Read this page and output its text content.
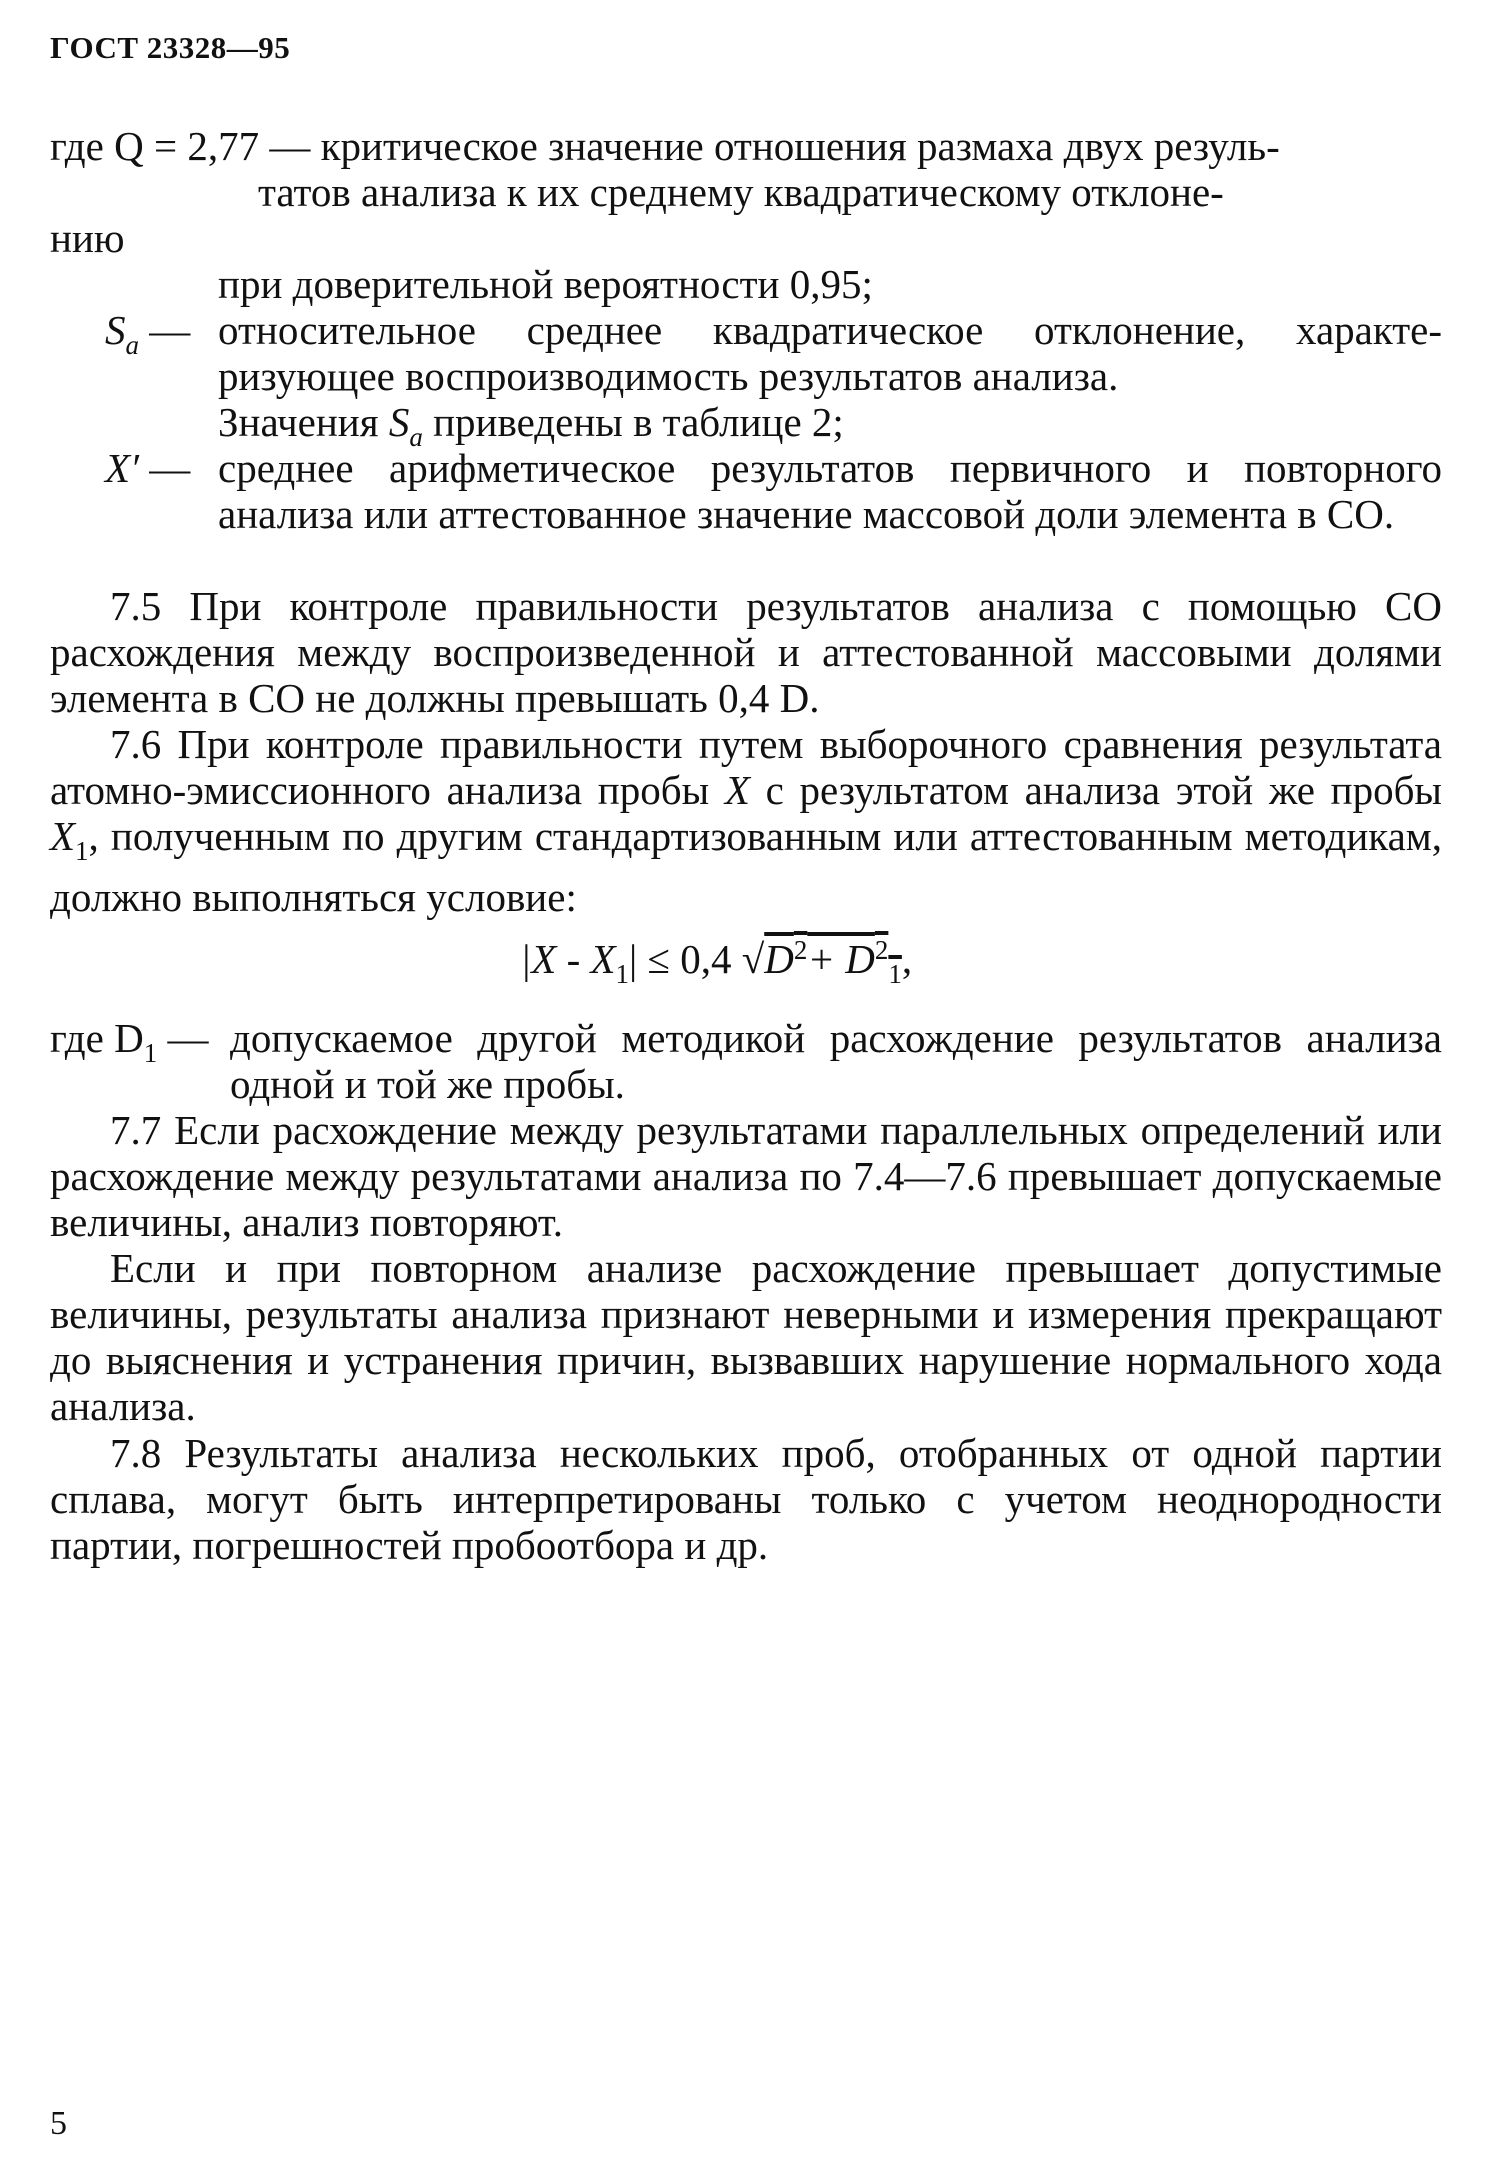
ГОСТ 23328—95
где Q = 2,77 — критическое значение отношения размаха двух резуль-
татов анализа к их среднему квадратическому отклоне-
нию
при доверительной вероятности 0,95;
$S_a$ — относительное среднее квадратическое отклонение, характе-ризующее воспроизводимость результатов анализа.
Значения $S_a$ приведены в таблице 2;
X′ — среднее арифметическое результатов первичного и повторного анализа или аттестованное значение массовой доли элемента в СО.
7.5 При контроле правильности результатов анализа с помощью СО расхождения между воспроизведенной и аттестованной массовыми долями элемента в СО не должны превышать 0,4 D.
7.6 При контроле правильности путем выборочного сравнения результата атомно-эмиссионного анализа пробы X с результатом анализа этой же пробы $X_1$, полученным по другим стандартизованным или аттестованным методикам, должно выполняться условие:
$|X - X_1| \le 0,4$ $√D^2+ D^2_1$,
где $D_1$ — допускаемое другой методикой расхождение результатов анализа одной и той же пробы.
7.7 Если расхождение между результатами параллельных определений или расхождение между результатами анализа по 7.4—7.6 превышает допускаемые величины, анализ повторяют.
Если и при повторном анализе расхождение превышает допустимые величины, результаты анализа признают неверными и измерения прекращают до выяснения и устранения причин, вызвавших нарушение нормального хода анализа.
7.8 Результаты анализа нескольких проб, отобранных от одной партии сплава, могут быть интерпретированы только с учетом неоднородности партии, погрешностей пробоотбора и др.
5
